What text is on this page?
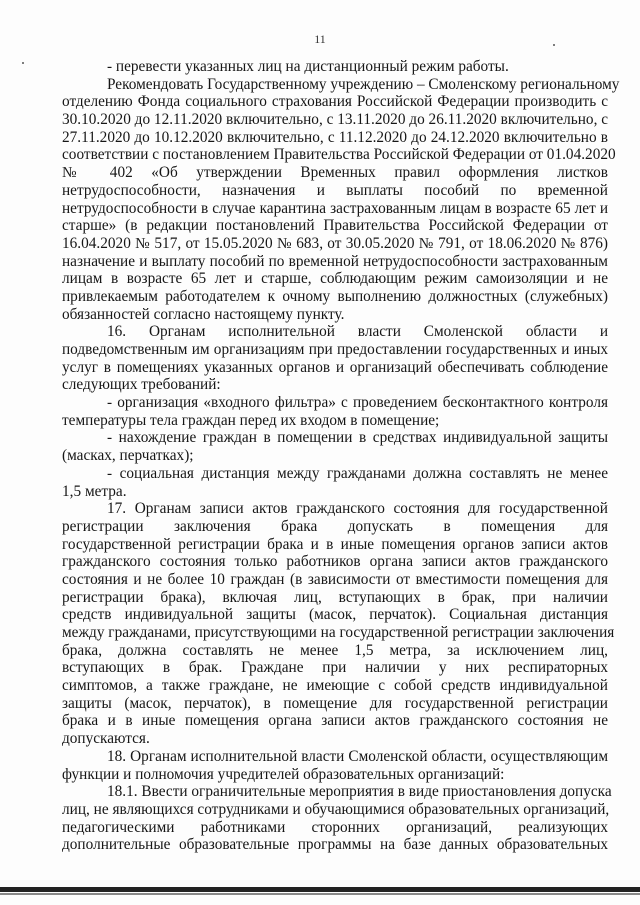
11
- перевести указанных лиц на дистанционный режим работы.
Рекомендовать Государственному учреждению – Смоленскому региональному
отделению Фонда социального страхования Российской Федерации производить с
30.10.2020 до 12.11.2020 включительно, с 13.11.2020 до 26.11.2020 включительно, с
27.11.2020 до 10.12.2020 включительно, с 11.12.2020 до 24.12.2020 включительно в
соответствии с постановлением Правительства Российской Федерации от 01.04.2020
№ 402 «Об утверждении Временных правил оформления листков
нетрудоспособности, назначения и выплаты пособий по временной
нетрудоспособности в случае карантина застрахованным лицам в возрасте 65 лет и
старше» (в редакции постановлений Правительства Российской Федерации от
16.04.2020 № 517, от 15.05.2020 № 683, от 30.05.2020 № 791, от 18.06.2020 № 876)
назначение и выплату пособий по временной нетрудоспособности застрахованным
лицам в возрасте 65 лет и старше, соблюдающим режим самоизоляции и не
привлекаемым работодателем к очному выполнению должностных (служебных)
обязанностей согласно настоящему пункту.
16. Органам исполнительной власти Смоленской области и
подведомственным им организациям при предоставлении государственных и иных
услуг в помещениях указанных органов и организаций обеспечивать соблюдение
следующих требований:
- организация «входного фильтра» с проведением бесконтактного контроля
температуры тела граждан перед их входом в помещение;
- нахождение граждан в помещении в средствах индивидуальной защиты
(масках, перчатках);
- социальная дистанция между гражданами должна составлять не менее
1,5 метра.
17. Органам записи актов гражданского состояния для государственной
регистрации заключения брака допускать в помещения для
государственной регистрации брака и в иные помещения органов записи актов
гражданского состояния только работников органа записи актов гражданского
состояния и не более 10 граждан (в зависимости от вместимости помещения для
регистрации брака), включая лиц, вступающих в брак, при наличии
средств индивидуальной защиты (масок, перчаток). Социальная дистанция
между гражданами, присутствующими на государственной регистрации заключения
брака, должна составлять не менее 1,5 метра, за исключением лиц,
вступающих в брак. Граждане при наличии у них респираторных
симптомов, а также граждане, не имеющие с собой средств индивидуальной
защиты (масок, перчаток), в помещение для государственной регистрации
брака и в иные помещения органа записи актов гражданского состояния не
допускаются.
18. Органам исполнительной власти Смоленской области, осуществляющим
функции и полномочия учредителей образовательных организаций:
18.1. Ввести ограничительные мероприятия в виде приостановления допуска
лиц, не являющихся сотрудниками и обучающимися образовательных организаций,
педагогическими работниками сторонних организаций, реализующих
дополнительные образовательные программы на базе данных образовательных
